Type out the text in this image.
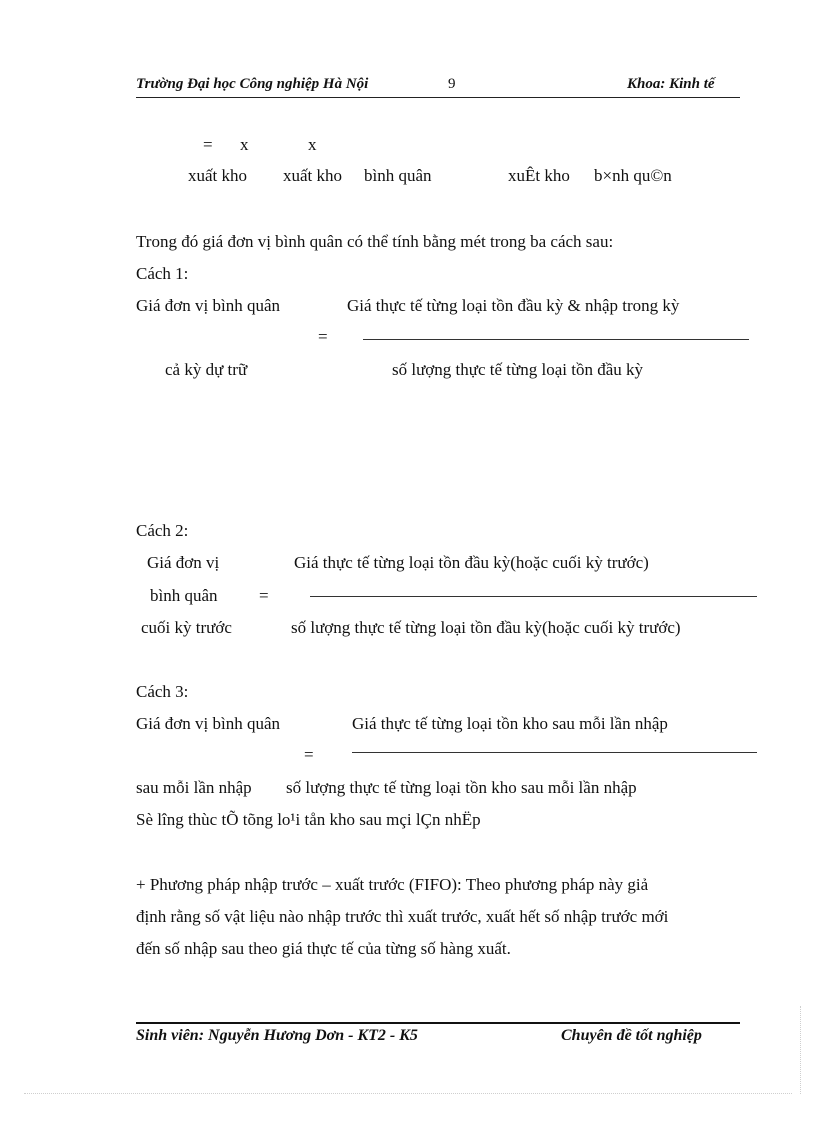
Trường Đại học Công nghiệp Hà Nội	9	Khoa: Kinh tế
= x	x
xuất kho xuất kho bình quân	xuÊt kho b×nh qu©n
Trong đó giá đơn vị bình quân có thể tính bằng mét trong ba cách sau:
Cách 1:
Giá đơn vị bình quân	Giá thực tế từng loại tồn đầu kỳ & nhập trong kỳ
=
cả kỳ dự trữ	số lượng thực tế từng loại tồn đầu kỳ
Cách 2:
Giá đơn vị	Giá thực tế từng loại tồn đầu kỳ(hoặc cuối kỳ trước)
bình quân =
cuối kỳ trước	số lượng thực tế từng loại tồn đầu kỳ(hoặc cuối kỳ trước)
Cách 3:
Giá đơn vị bình quân	Giá thực tế từng loại tồn kho sau mỗi lần nhập
=
sau mỗi lần nhập số lượng thực tế từng loại tồn kho sau mỗi lần nhập
Sè lîng thùc tÕ tõng lo¹i tån kho sau mçi lÇn nhËp
+ Phương pháp nhập trước – xuất trước (FIFO): Theo phương pháp này giả
định rằng số vật liệu nào nhập trước thì xuất trước, xuất hết số nhập trước mới
đến số nhập sau theo giá thực tế của từng số hàng xuất.
Sinh viên: Nguyễn Hương Dơn - KT2 - K5	Chuyên đề tốt nghiệp
